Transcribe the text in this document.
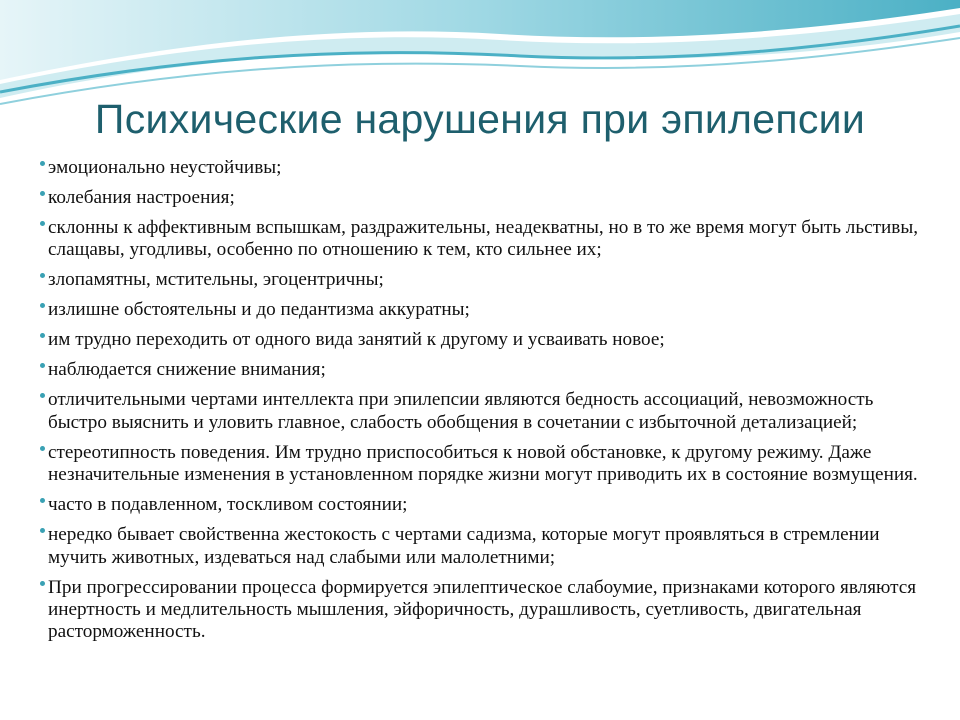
Психические нарушения при эпилепсии
эмоционально неустойчивы;
колебания настроения;
склонны к аффективным вспышкам, раздражительны, неадекватны, но в то же время могут быть льстивы, слащавы, угодливы, особенно по отношению к тем, кто сильнее их;
злопамятны, мстительны, эгоцентричны;
излишне обстоятельны и до педантизма аккуратны;
им трудно переходить от одного вида занятий к другому и усваивать новое;
наблюдается снижение внимания;
отличительными чертами интеллекта при эпилепсии являются бедность ассоциаций, невозможность быстро выяснить и уловить главное, слабость обобщения в сочетании с избыточной детализацией;
стереотипность поведения. Им трудно приспособиться к новой обстановке, к другому режиму. Даже незначительные изменения в установленном порядке жизни могут приводить их в состояние возмущения.
часто в подавленном, тоскливом состоянии;
нередко бывает свойственна жестокость с чертами садизма, которые могут проявляться в стремлении мучить животных, издеваться над слабыми или малолетними;
При прогрессировании процесса формируется эпилептическое слабоумие, признаками которого являются инертность и медлительность мышления, эйфоричность, дурашливость, суетливость, двигательная расторможенность.
